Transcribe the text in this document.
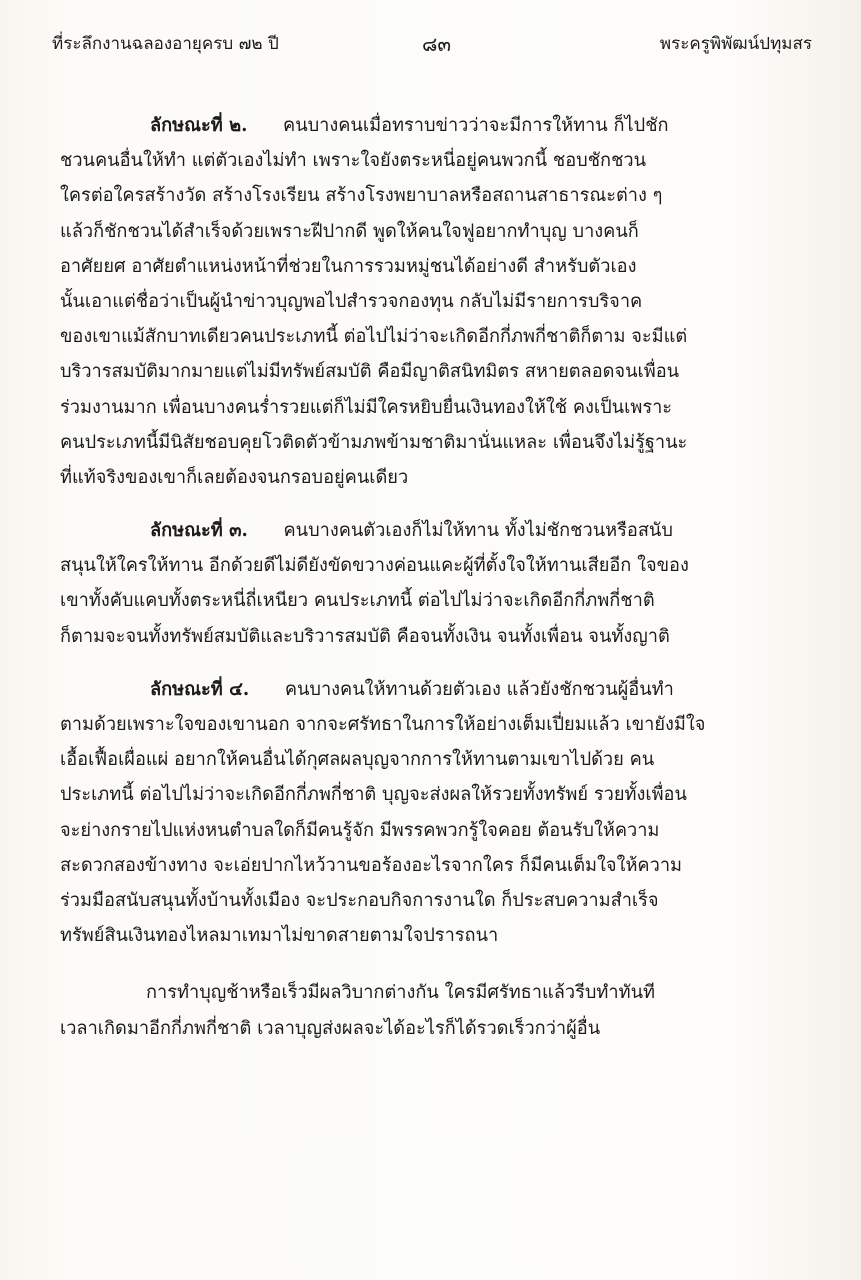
ที่ระลึกงานฉลองอายุครบ ๗๒ ปี	๘๓	พระครูพิพัฒน์ปทุมสร
ลักษณะที่ ๒. คนบางคนเมื่อทราบข่าวว่าจะมีการให้ทาน ก็ไปชัก
ชวนคนอื่นให้ทำ แต่ตัวเองไม่ทำ เพราะใจยังตระหนี่อยู่คนพวกนี้ ชอบชักชวน
ใครต่อใครสร้างวัด สร้างโรงเรียน สร้างโรงพยาบาลหรือสถานสาธารณะต่าง ๆ
แล้วก็ชักชวนได้สำเร็จด้วยเพราะฝีปากดี พูดให้คนใจฟูอยากทำบุญ บางคนก็
อาศัยยศ อาศัยตำแหน่งหน้าที่ช่วยในการรวมหมู่ชนได้อย่างดี สำหรับตัวเอง
นั้นเอาแต่ชื่อว่าเป็นผู้นำข่าวบุญพอไปสำรวจกองทุน กลับไม่มีรายการบริจาค
ของเขาแม้สักบาทเดียวคนประเภทนี้ ต่อไปไม่ว่าจะเกิดอีกกี่ภพกี่ชาติก็ตาม จะมีแต่
บริวารสมบัติมากมายแต่ไม่มีทรัพย์สมบัติ คือมีญาติสนิทมิตร สหายตลอดจนเพื่อน
ร่วมงานมาก เพื่อนบางคนร่ำรวยแต่ก็ไม่มีใครหยิบยื่นเงินทองให้ใช้ คงเป็นเพราะ
คนประเภทนี้มีนิสัยชอบคุยโวติดตัวข้ามภพข้ามชาติมานั่นแหละ เพื่อนจึงไม่รู้ฐานะ
ที่แท้จริงของเขาก็เลยต้องจนกรอบอยู่คนเดียว
ลักษณะที่ ๓. คนบางคนตัวเองก็ไม่ให้ทาน ทั้งไม่ชักชวนหรือสนับ
สนุนให้ใครให้ทาน อีกด้วยดีไม่ดียังขัดขวางค่อนแคะผู้ที่ตั้งใจให้ทานเสียอีก ใจของ
เขาทั้งคับแคบทั้งตระหนี่ถี่เหนียว คนประเภทนี้ ต่อไปไม่ว่าจะเกิดอีกกี่ภพกี่ชาติ
ก็ตามจะจนทั้งทรัพย์สมบัติและบริวารสมบัติ คือจนทั้งเงิน จนทั้งเพื่อน จนทั้งญาติ
ลักษณะที่ ๔. คนบางคนให้ทานด้วยตัวเอง แล้วยังชักชวนผู้อื่นทำ
ตามด้วยเพราะใจของเขานอก จากจะศรัทธาในการให้อย่างเต็มเปี่ยมแล้ว เขายังมีใจ
เอื้อเฟื้อเผื่อแผ่ อยากให้คนอื่นได้กุศลผลบุญจากการให้ทานตามเขาไปด้วย คน
ประเภทนี้ ต่อไปไม่ว่าจะเกิดอีกกี่ภพกี่ชาติ บุญจะส่งผลให้รวยทั้งทรัพย์ รวยทั้งเพื่อน
จะย่างกรายไปแห่งหนตำบลใดก็มีคนรู้จัก มีพรรคพวกรู้ใจคอย ต้อนรับให้ความ
สะดวกสองข้างทาง จะเอ่ยปากไหว้วานขอร้องอะไรจากใคร ก็มีคนเต็มใจให้ความ
ร่วมมือสนับสนุนทั้งบ้านทั้งเมือง จะประกอบกิจการงานใด ก็ประสบความสำเร็จ
ทรัพย์สินเงินทองไหลมาเทมาไม่ขาดสายตามใจปรารถนา
การทำบุญช้าหรือเร็วมีผลวิบากต่างกัน ใครมีศรัทธาแล้วรีบทำทันที
เวลาเกิดมาอีกกี่ภพกี่ชาติ เวลาบุญส่งผลจะได้อะไรก็ได้รวดเร็วกว่าผู้อื่น
